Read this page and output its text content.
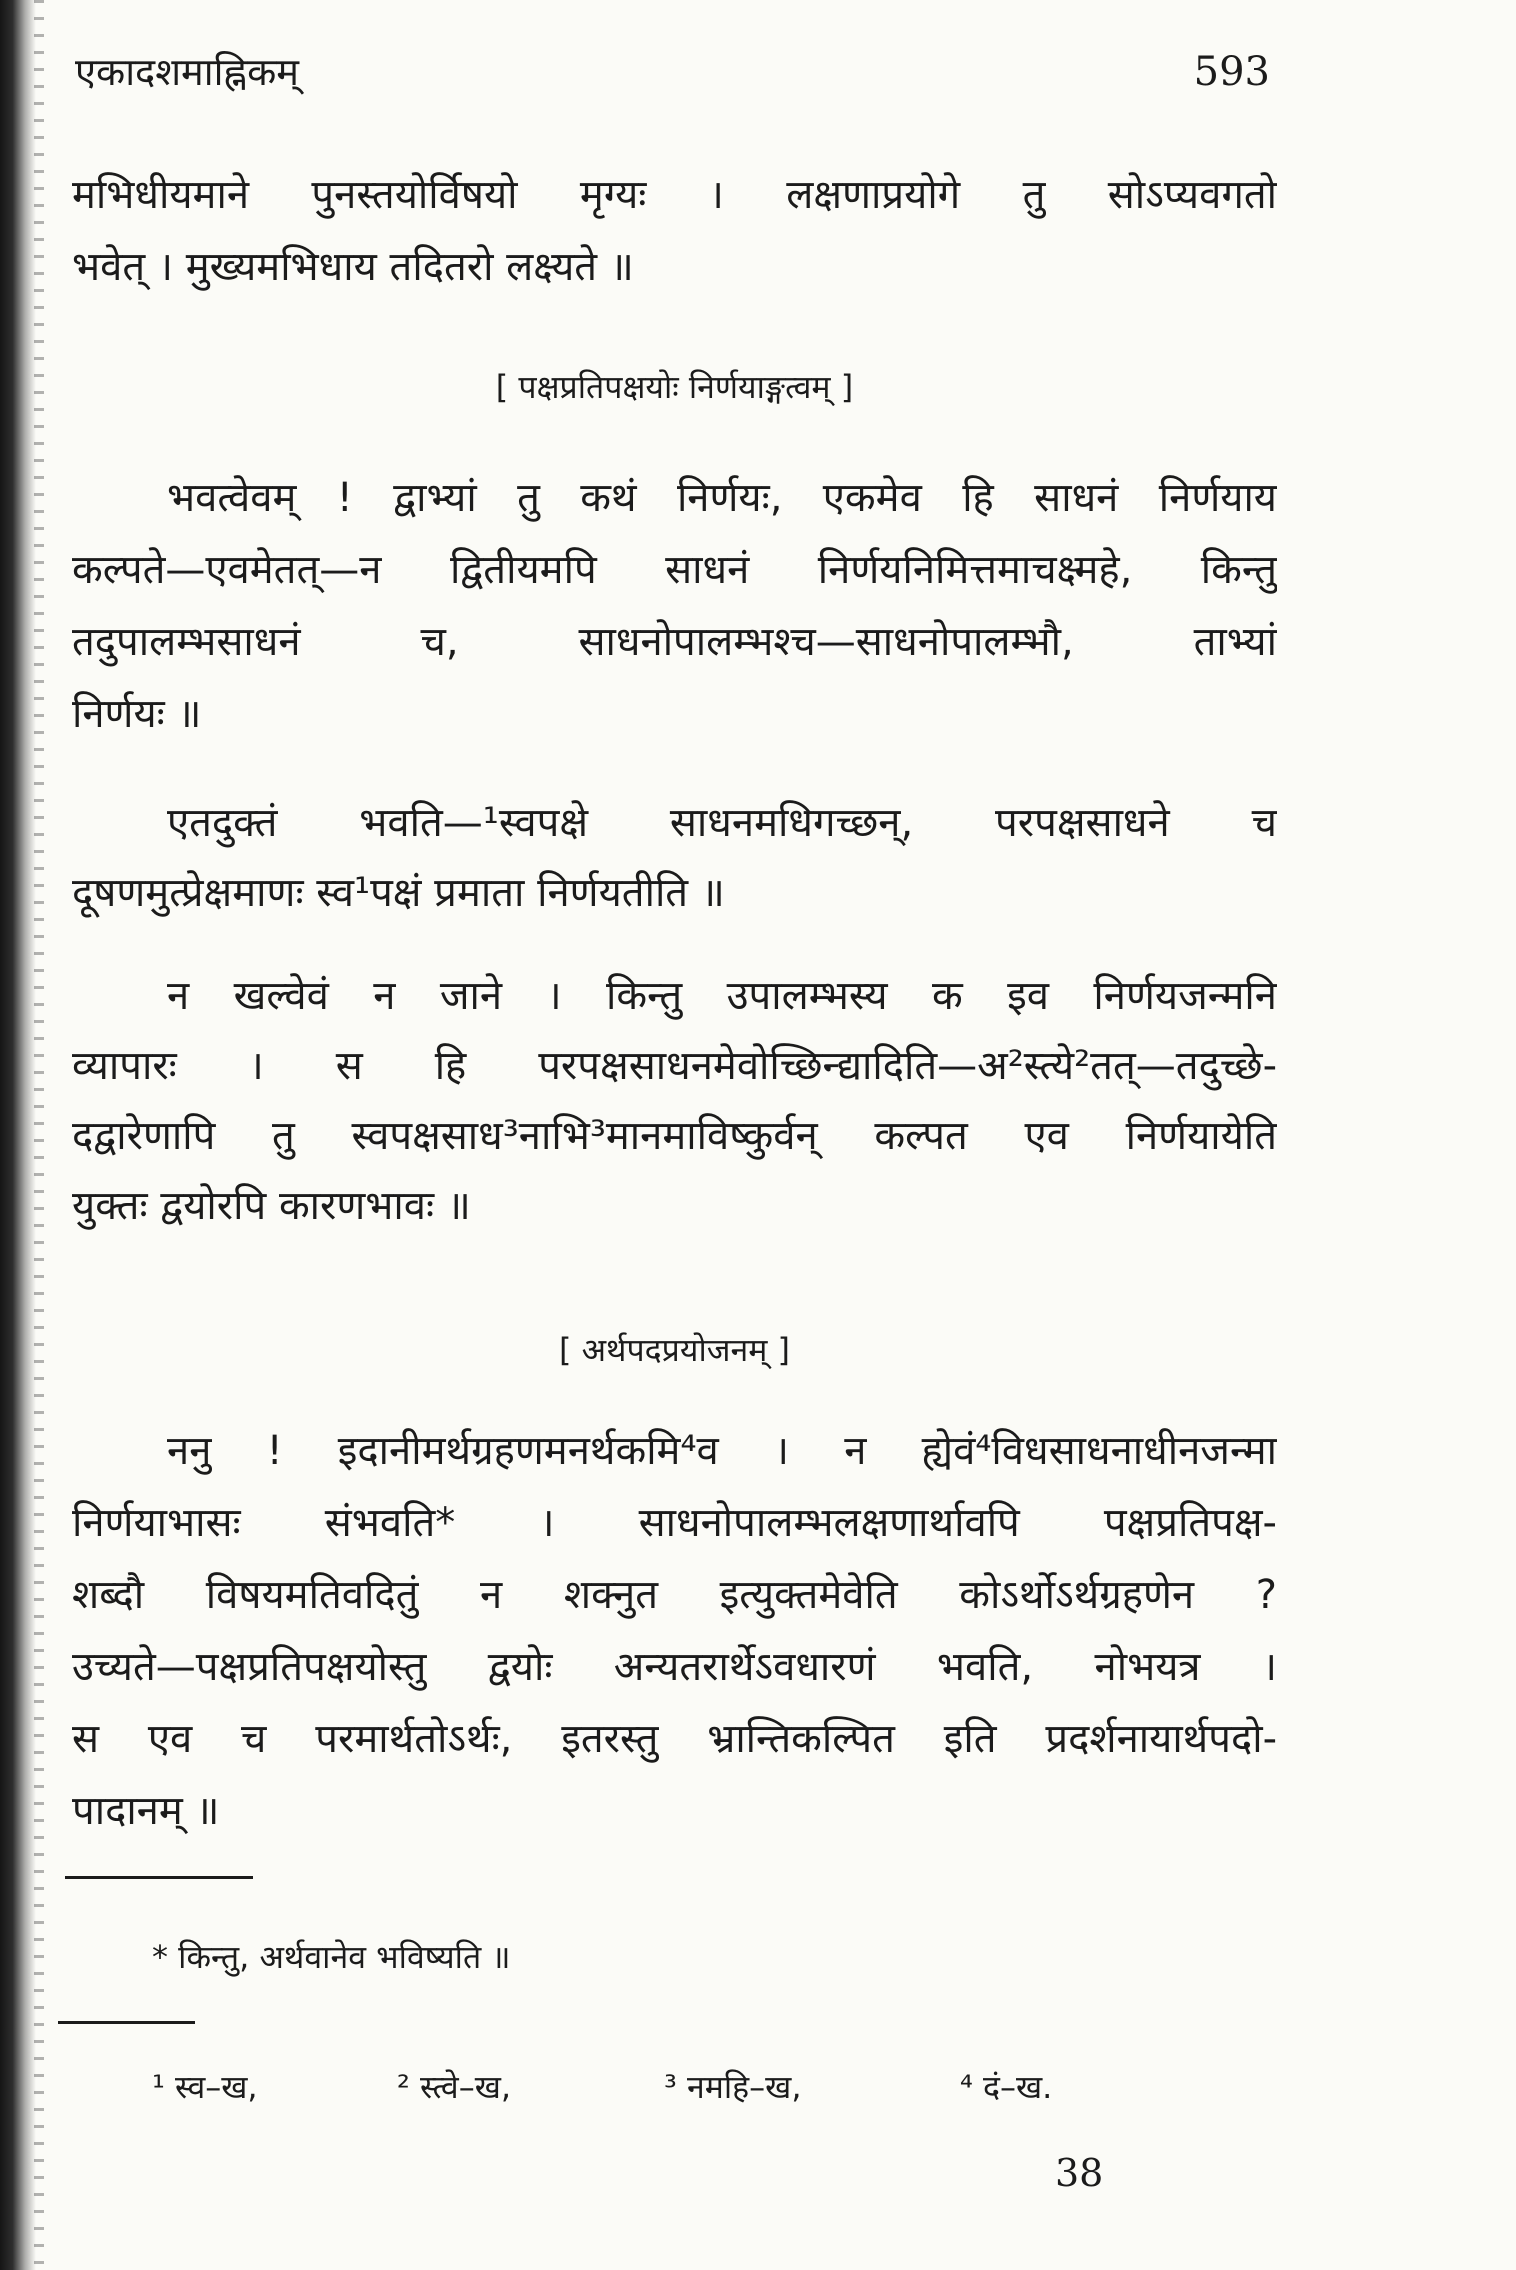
एकादशमाह्निकम्	593
मभिधीयमाने पुनस्तयोर्विषयो मृग्यः । लक्षणाप्रयोगे तु सोऽप्यवगतो
भवेत् । मुख्यमभिधाय तदितरो लक्ष्यते ॥
[ पक्षप्रतिपक्षयोः निर्णयाङ्गत्वम् ]
भवत्वेवम् ! द्वाभ्यां तु कथं निर्णयः, एकमेव हि साधनं निर्णयाय
कल्पते—एवमेतत्—न द्वितीयमपि साधनं निर्णयनिमित्तमाचक्ष्महे, किन्तु
तदुपालम्भसाधनं च, साधनोपालम्भश्च—साधनोपालम्भौ, ताभ्यां
निर्णयः ॥
एतदुक्तं भवति—¹स्वपक्षे साधनमधिगच्छन्, परपक्षसाधने च
दूषणमुत्प्रेक्षमाणः स्व¹पक्षं प्रमाता निर्णयतीति ॥
न खल्वेवं न जाने । किन्तु उपालम्भस्य क इव निर्णयजन्मनि
व्यापारः । स हि परपक्षसाधनमेवोच्छिन्द्यादिति—अ²स्त्ये²तत्—तदुच्छे-
दद्वारेणापि तु स्वपक्षसाध³नाभि³मानमाविष्कुर्वन् कल्पत एव निर्णयायेति
युक्तः द्वयोरपि कारणभावः ॥
[ अर्थपदप्रयोजनम् ]
ननु ! इदानीमर्थग्रहणमनर्थकमि⁴व । न ह्येवं⁴विधसाधनाधीनजन्मा
निर्णयाभासः संभवति* । साधनोपालम्भलक्षणार्थावपि पक्षप्रतिपक्ष-
शब्दौ विषयमतिवदितुं न शक्नुत इत्युक्तमेवेति कोऽर्थोऽर्थग्रहणेन ?
उच्यते—पक्षप्रतिपक्षयोस्तु द्वयोः अन्यतरार्थेऽवधारणं भवति, नोभयत्र ।
स एव च परमार्थतोऽर्थः, इतरस्तु भ्रान्तिकल्पित इति प्रदर्शनायार्थपदो-
पादानम् ॥
* किन्तु, अर्थवानेव भविष्यति ॥
¹ स्व–ख,	² स्त्वे–ख,	³ नमहि–ख,	⁴ दं–ख.
38
